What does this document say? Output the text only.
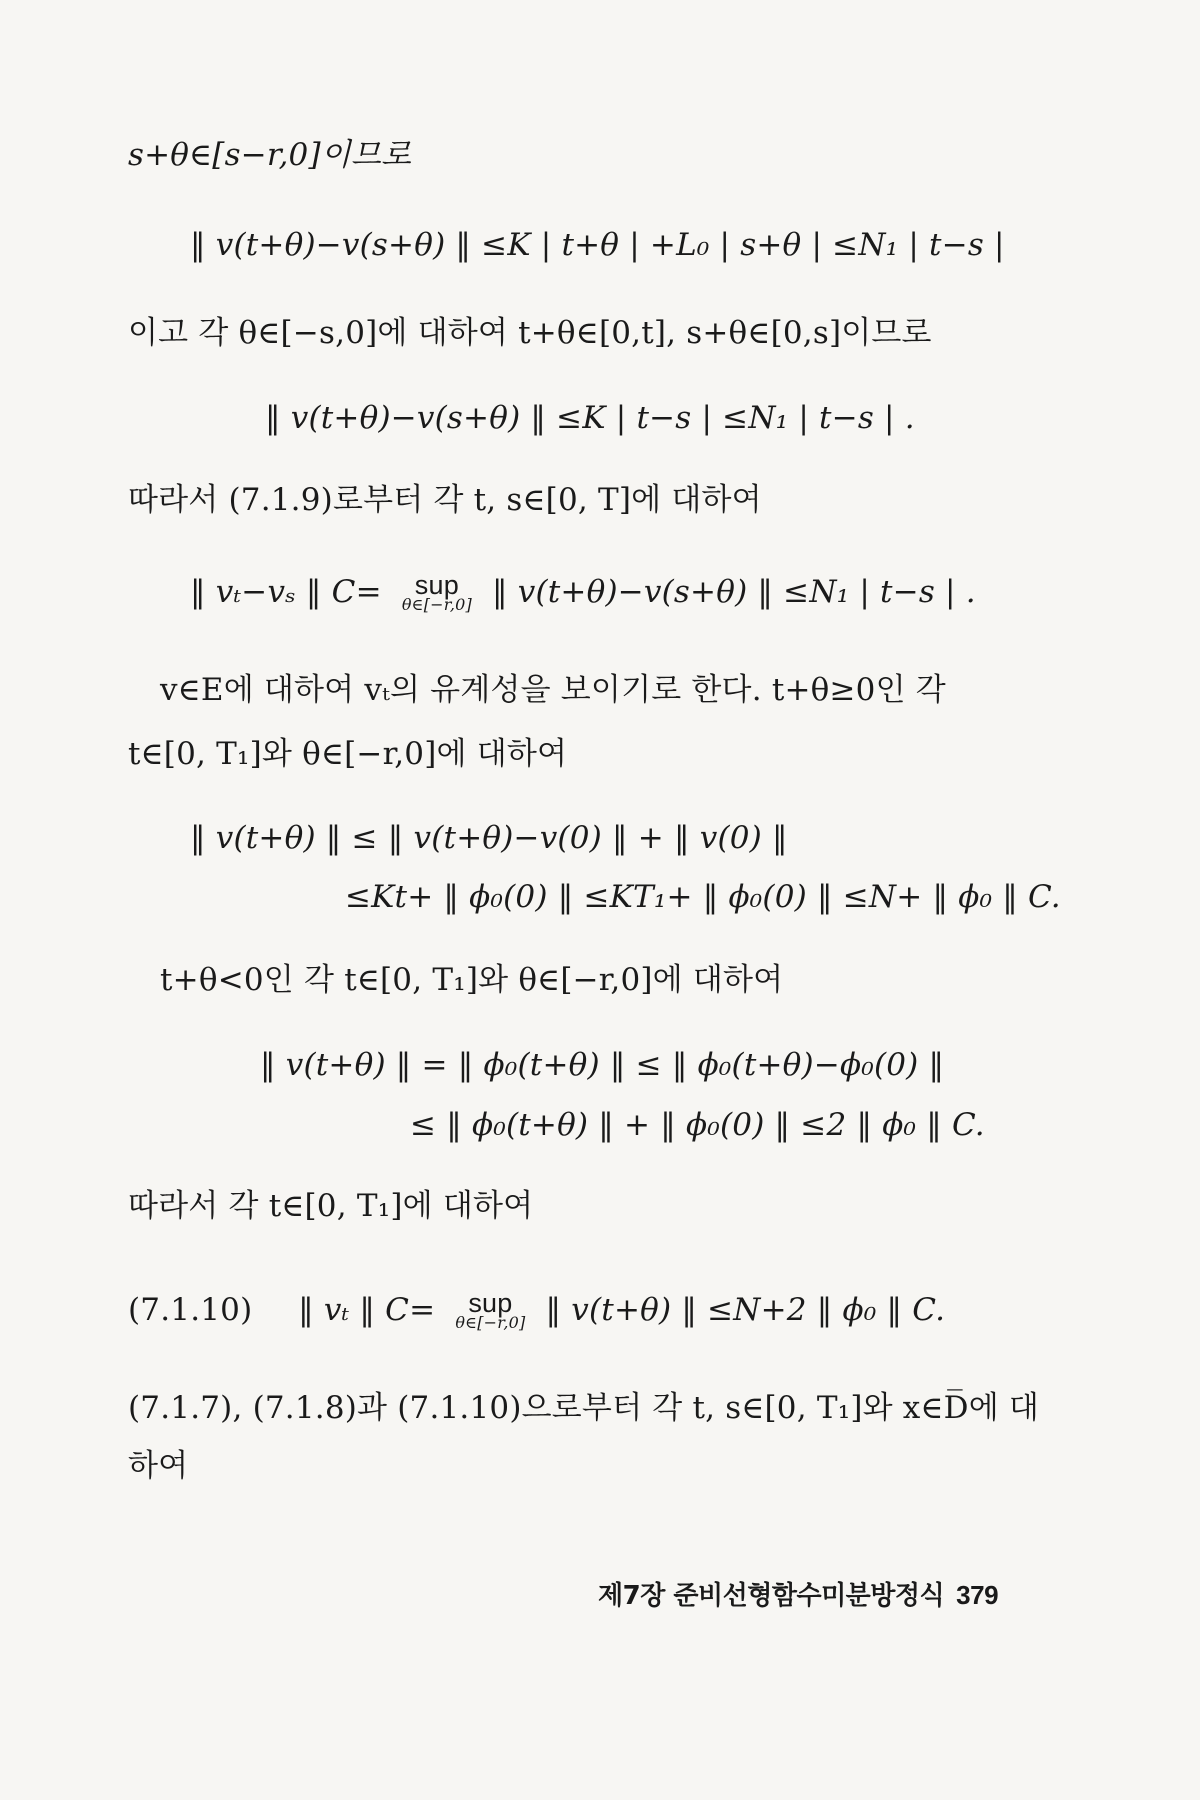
s+θ∈[s−r,0]이므로
‖ v(t+θ)−v(s+θ) ‖ ≤K | t+θ | +L₀ | s+θ | ≤N₁ | t−s |
이고 각 θ∈[−s,0]에 대하여 t+θ∈[0,t], s+θ∈[0,s]이므로
‖ v(t+θ)−v(s+θ) ‖ ≤K | t−s | ≤N₁ | t−s | .
따라서 (7.1.9)로부터 각 t, s∈[0, T]에 대하여
‖ vₜ−vₛ ‖ C=	sup
θ∈[−r,0] ‖ v(t+θ)−v(s+θ) ‖ ≤N₁ | t−s | .
v∈E에 대하여 vₜ의 유계성을 보이기로 한다. t+θ≥0인 각
t∈[0, T₁]와 θ∈[−r,0]에 대하여
‖ v(t+θ) ‖ ≤ ‖ v(t+θ)−v(0) ‖ + ‖ v(0) ‖
≤Kt+ ‖ ϕ₀(0) ‖ ≤KT₁+ ‖ ϕ₀(0) ‖ ≤N+ ‖ ϕ₀ ‖ C.
t+θ<0인 각 t∈[0, T₁]와 θ∈[−r,0]에 대하여
‖ v(t+θ) ‖ = ‖ ϕ₀(t+θ) ‖ ≤ ‖ ϕ₀(t+θ)−ϕ₀(0) ‖
≤ ‖ ϕ₀(t+θ) ‖ + ‖ ϕ₀(0) ‖ ≤2 ‖ ϕ₀ ‖ C.
따라서 각 t∈[0, T₁]에 대하여
(7.1.10) ‖ vₜ ‖ C=	sup
θ∈[−r,0] ‖ v(t+θ) ‖ ≤N+2 ‖ ϕ₀ ‖ C.
(7.1.7), (7.1.8)과 (7.1.10)으로부터 각 t, s∈[0, T₁]와 x∈D̅에 대
하여
제7장 준비선형함수미분방정식 379
